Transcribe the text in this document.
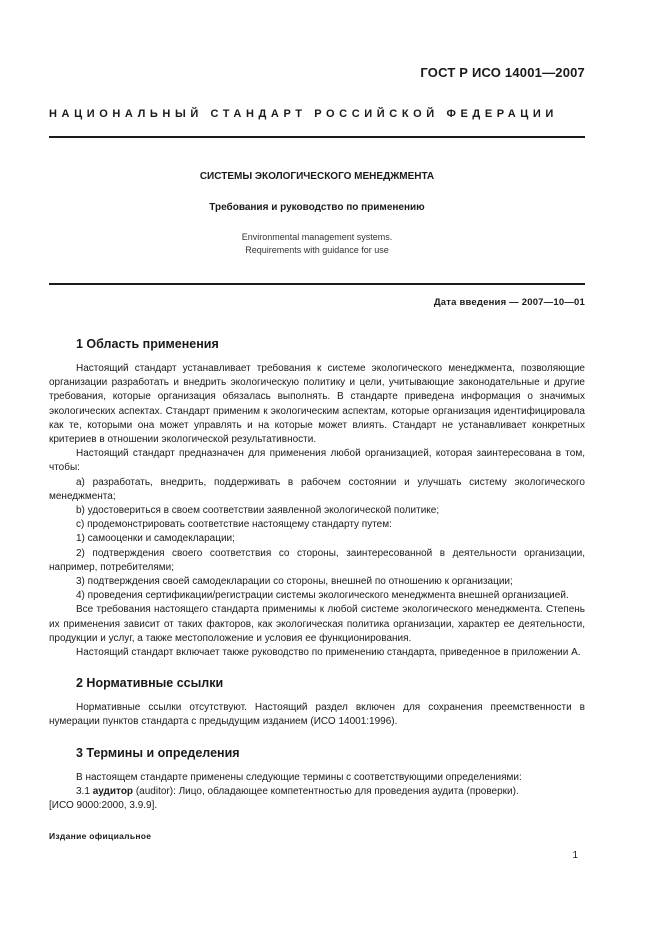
ГОСТ Р ИСО 14001—2007
НАЦИОНАЛЬНЫЙ СТАНДАРТ РОССИЙСКОЙ ФЕДЕРАЦИИ
СИСТЕМЫ ЭКОЛОГИЧЕСКОГО МЕНЕДЖМЕНТА
Требования и руководство по применению
Environmental management systems.
Requirements with guidance for use
Дата введения — 2007—10—01
1 Область применения

Настоящий стандарт устанавливает требования к системе экологического менеджмента, позволяющие организации разработать и внедрить экологическую политику и цели, учитывающие законодательные и другие требования, которые организация обязалась выполнять. В стандарте приведена информация о значимых экологических аспектах. Стандарт применим к экологическим аспектам, которые организация идентифицировала как те, которыми она может управлять и на которые может влиять. Стандарт не устанавливает конкретных критериев в отношении экологической результативности.

Настоящий стандарт предназначен для применения любой организацией, которая заинтересована в том, чтобы:

а) разработать, внедрить, поддерживать в рабочем состоянии и улучшать систему экологического менеджмента;

b) удостовериться в своем соответствии заявленной экологической политике;

с) продемонстрировать соответствие настоящему стандарту путем:

1) самооценки и самодекларации;

2) подтверждения своего соответствия со стороны, заинтересованной в деятельности организации, например, потребителями;

3) подтверждения своей самодекларации со стороны, внешней по отношению к организации;

4) проведения сертификации/регистрации системы экологического менеджмента внешней организацией.

Все требования настоящего стандарта применимы к любой системе экологического менеджмента. Степень их применения зависит от таких факторов, как экологическая политика организации, характер ее деятельности, продукции и услуг, а также местоположение и условия ее функционирования.

Настоящий стандарт включает также руководство по применению стандарта, приведенное в приложении А.

2 Нормативные ссылки

Нормативные ссылки отсутствуют. Настоящий раздел включен для сохранения преемственности в нумерации пунктов стандарта с предыдущим изданием (ИСО 14001:1996).

3 Термины и определения

В настоящем стандарте применены следующие термины с соответствующими определениями:

3.1 аудитор (auditor): Лицо, обладающее компетентностью для проведения аудита (проверки).

[ИСО 9000:2000, 3.9.9].

Издание официальное
1
